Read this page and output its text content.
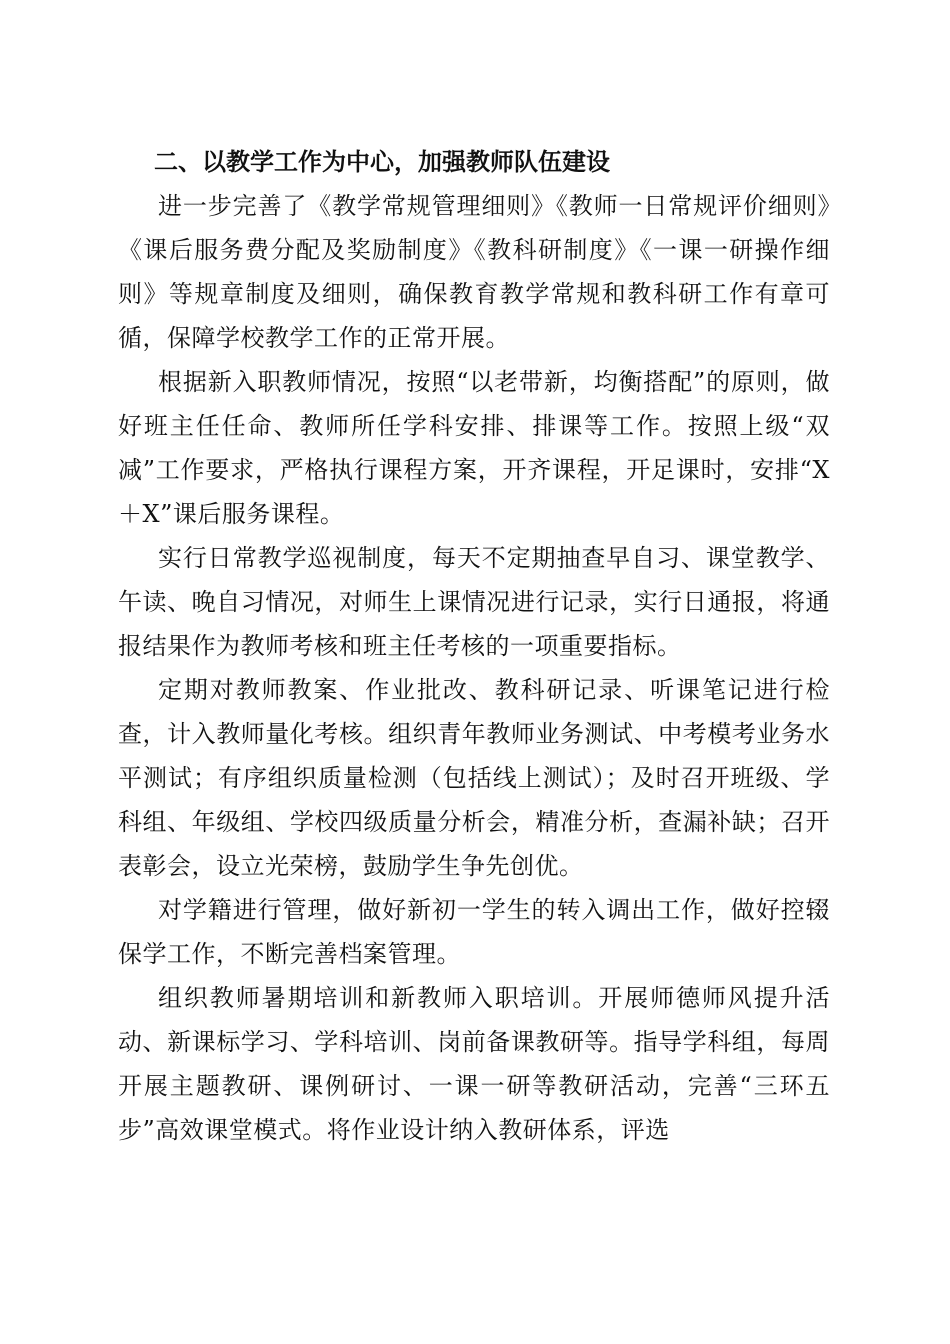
二、以教学工作为中心，加强教师队伍建设

进一步完善了《教学常规管理细则》《教师一日常规评价细则》《课后服务费分配及奖励制度》《教科研制度》《一课一研操作细则》等规章制度及细则，确保教育教学常规和教科研工作有章可循，保障学校教学工作的正常开展。

根据新入职教师情况，按照“以老带新，均衡搭配”的原则，做好班主任任命、教师所任学科安排、排课等工作。按照上级“双减”工作要求，严格执行课程方案，开齐课程，开足课时，安排“X＋X”课后服务课程。

实行日常教学巡视制度，每天不定期抽查早自习、课堂教学、午读、晚自习情况，对师生上课情况进行记录，实行日通报，将通报结果作为教师考核和班主任考核的一项重要指标。

定期对教师教案、作业批改、教科研记录、听课笔记进行检查，计入教师量化考核。组织青年教师业务测试、中考模考业务水平测试；有序组织质量检测（包括线上测试）；及时召开班级、学科组、年级组、学校四级质量分析会，精准分析，查漏补缺；召开表彰会，设立光荣榜，鼓励学生争先创优。

对学籍进行管理，做好新初一学生的转入调出工作，做好控辍保学工作，不断完善档案管理。

组织教师暑期培训和新教师入职培训。开展师德师风提升活动、新课标学习、学科培训、岗前备课教研等。指导学科组，每周开展主题教研、课例研讨、一课一研等教研活动，完善“三环五步”高效课堂模式。将作业设计纳入教研体系，评选
